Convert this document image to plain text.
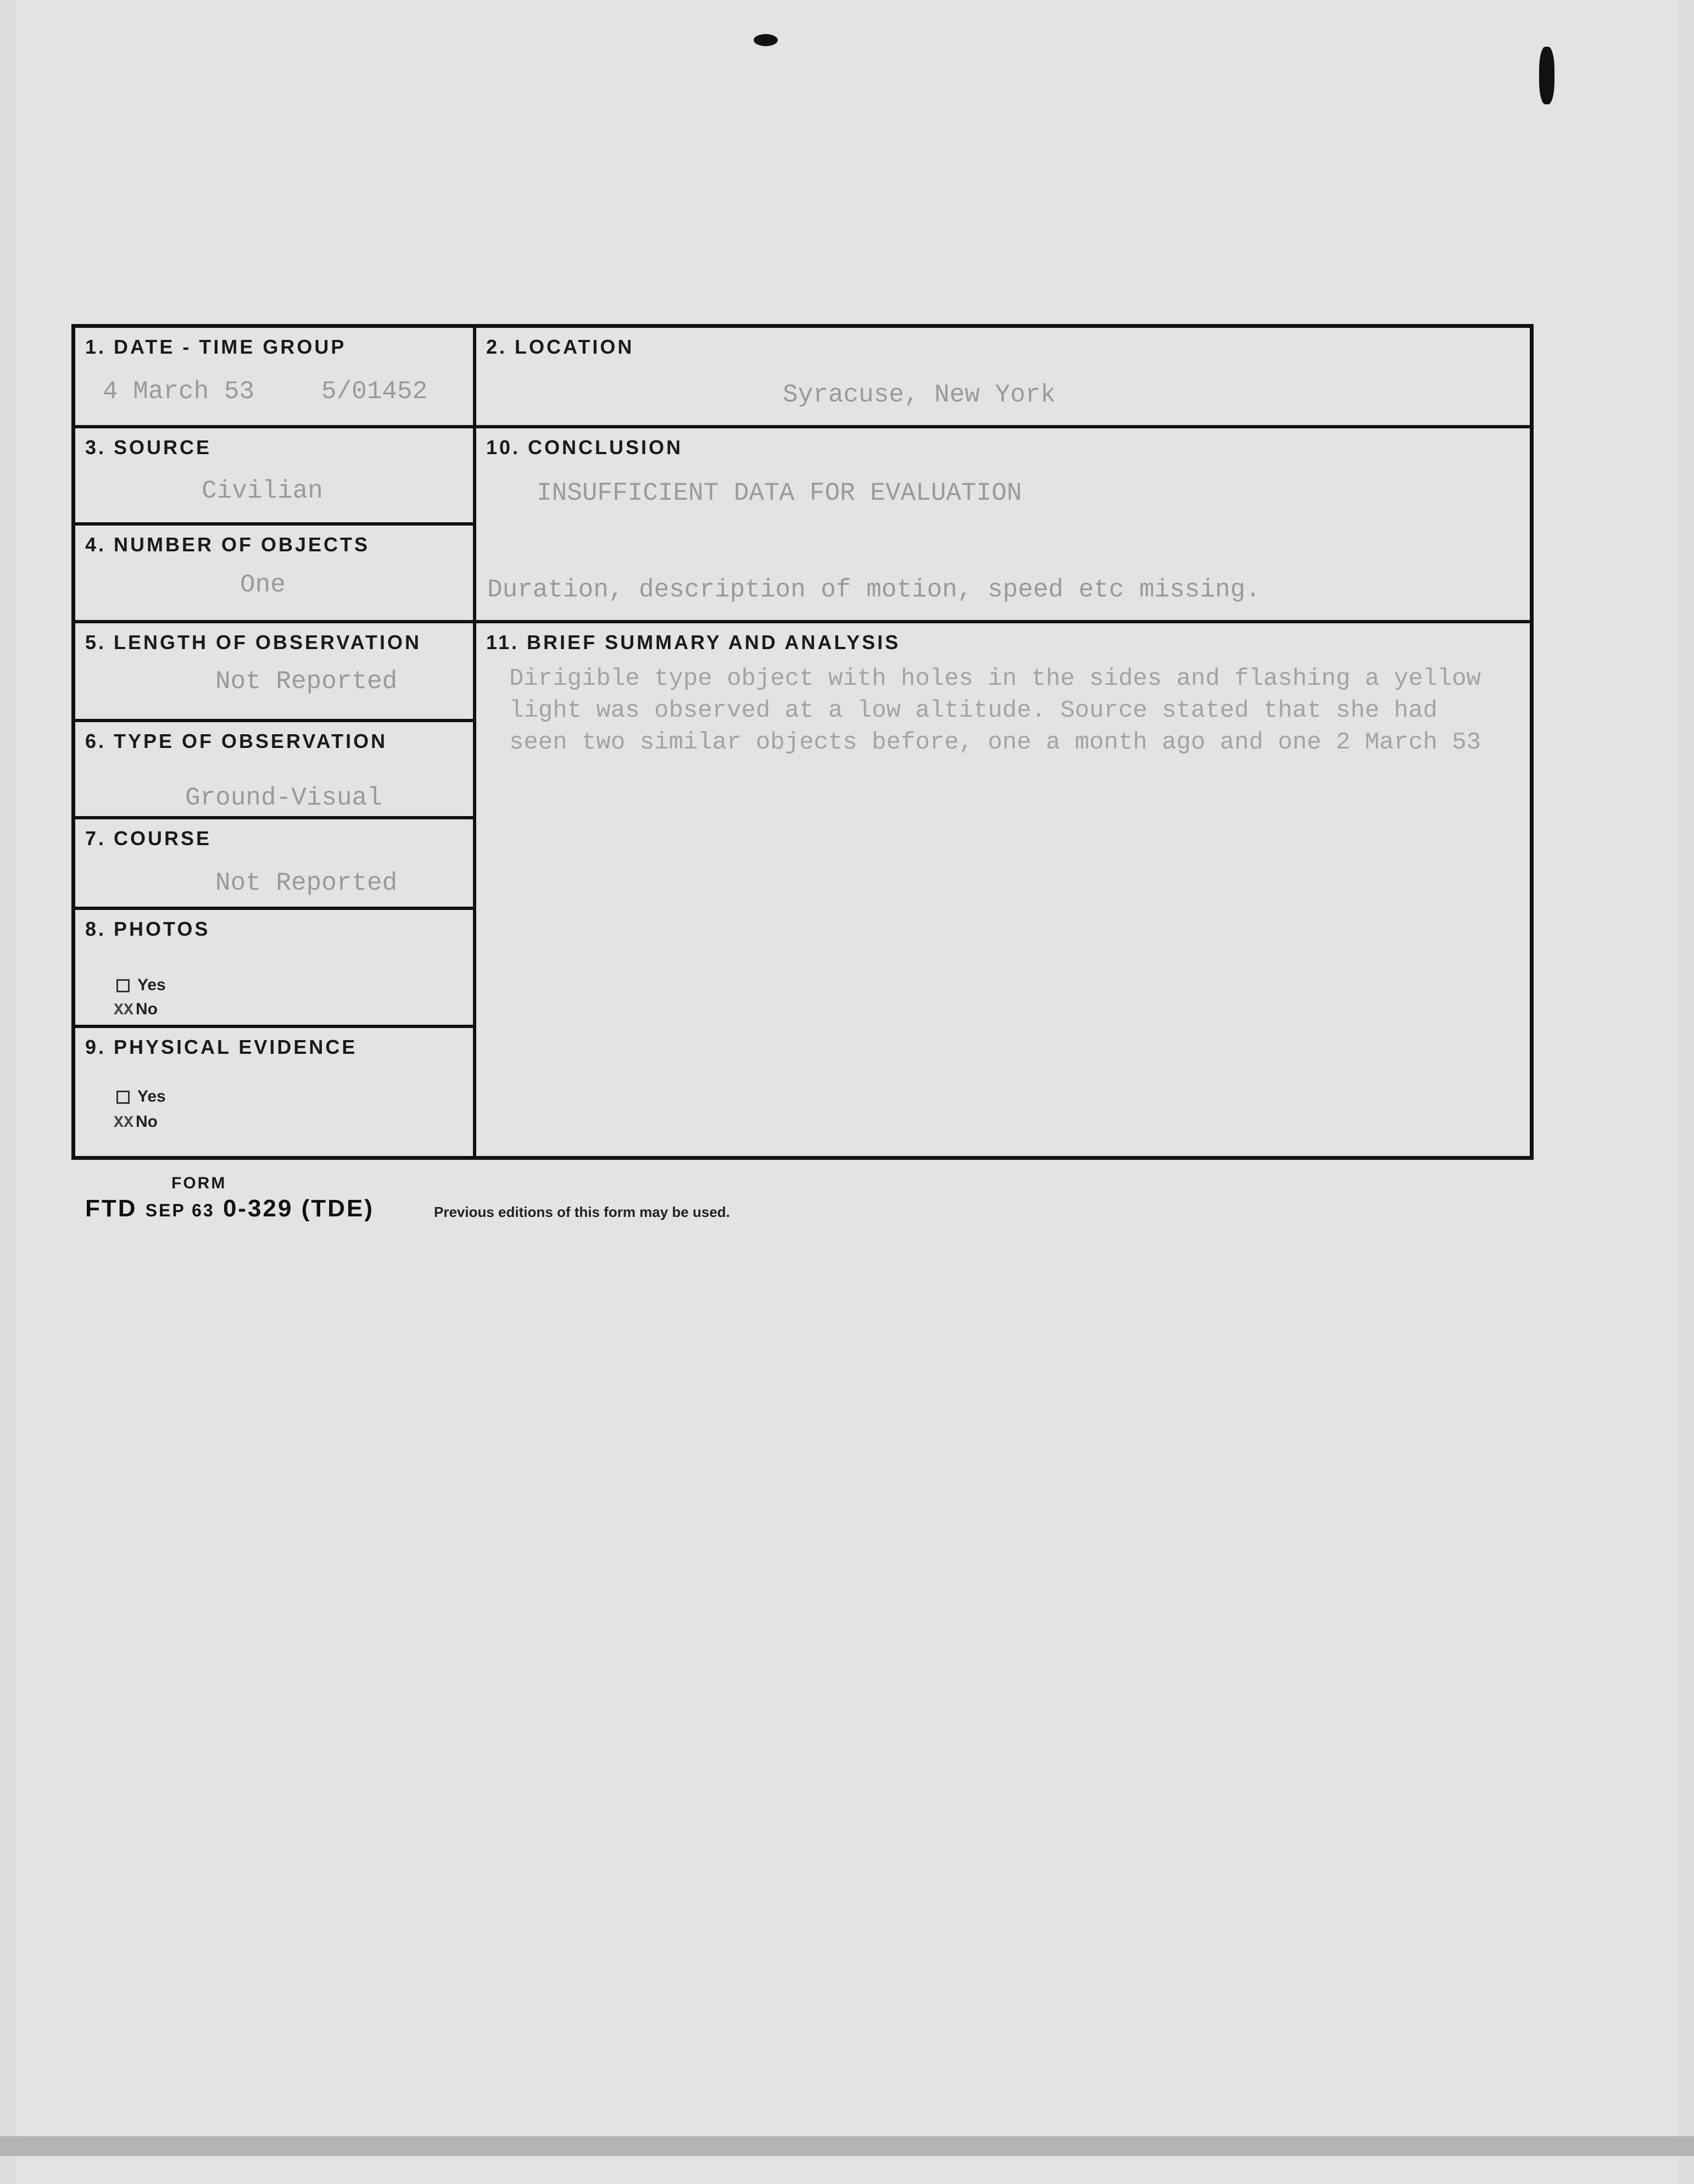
1. DATE - TIME GROUP
4 March 53	5/01452
2. LOCATION
Syracuse, New York
3. SOURCE
Civilian
10. CONCLUSION
INSUFFICIENT DATA FOR EVALUATION
Duration, description of motion, speed etc missing.
4. NUMBER OF OBJECTS
One
5. LENGTH OF OBSERVATION
Not Reported
11. BRIEF SUMMARY AND ANALYSIS
Dirigible type object with holes in the sides and flashing a yellow light was observed at a low altitude. Source stated that she had seen two similar objects before, one a month ago and one 2 March 53
6. TYPE OF OBSERVATION
Ground-Visual
7. COURSE
Not Reported
8. PHOTOS
Yes
XX No
9. PHYSICAL EVIDENCE
Yes
XX No
FORM
FTD SEP 63 0-329 (TDE)	Previous editions of this form may be used.
